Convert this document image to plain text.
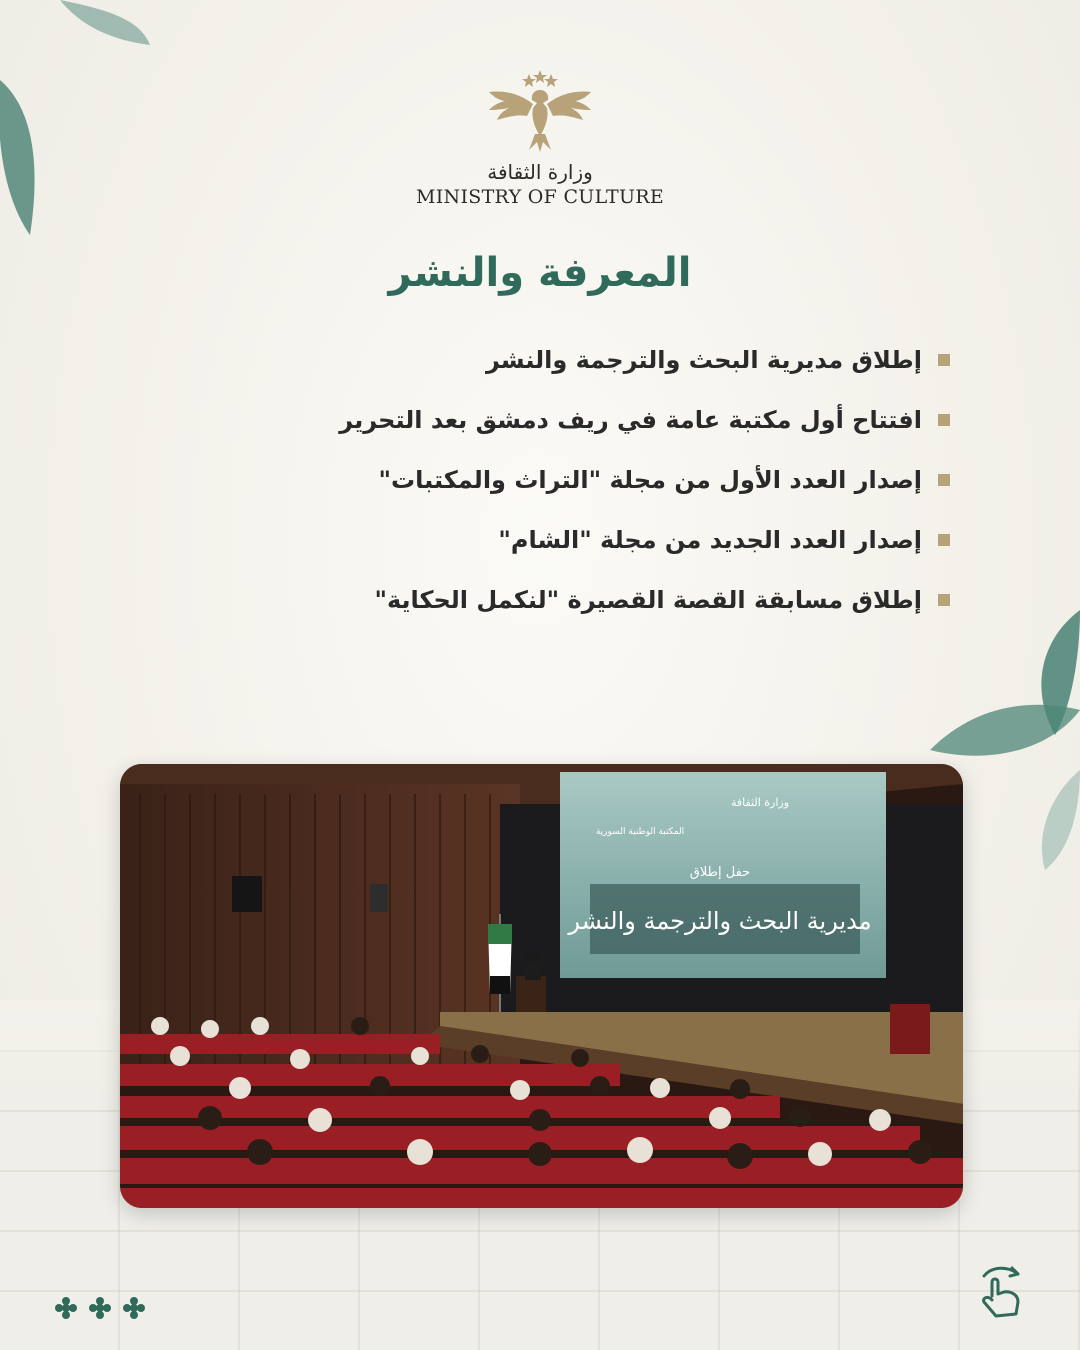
وزارة الثقافة
MINISTRY OF CULTURE
المعرفة والنشر
إطلاق مديرية البحث والترجمة والنشر
افتتاح أول مكتبة عامة في ريف دمشق بعد التحرير
إصدار العدد الأول من مجلة "التراث والمكتبات"
إصدار العدد الجديد من مجلة "الشام"
إطلاق مسابقة القصة القصيرة "لنكمل الحكاية"
وزارة الثقافة
المكتبة الوطنية السورية
حفل إطلاق
مديرية البحث والترجمة والنشر
